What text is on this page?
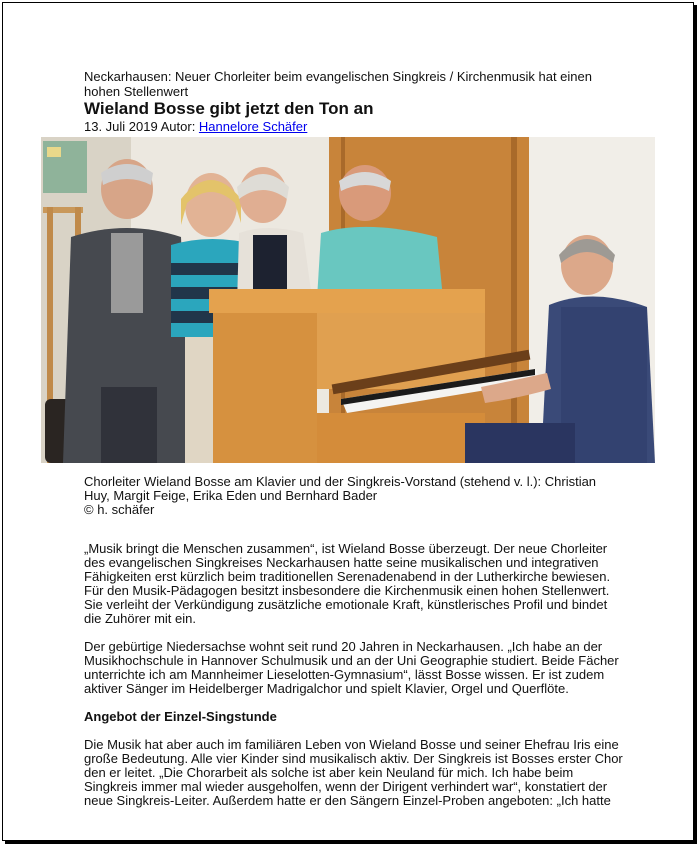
Neckarhausen: Neuer Chorleiter beim evangelischen Singkreis / Kirchenmusik hat einen hohen Stellenwert

Wieland Bosse gibt jetzt den Ton an

13. Juli 2019 Autor: Hannelore Schäfer

Chorleiter Wieland Bosse am Klavier und der Singkreis-Vorstand (stehend v. l.): Christian Huy, Margit Feige, Erika Eden und Bernhard Bader

© h. schäfer

„Musik bringt die Menschen zusammen“, ist Wieland Bosse überzeugt. Der neue Chorleiter des evangelischen Singkreises Neckarhausen hatte seine musikalischen und integrativen Fähigkeiten erst kürzlich beim traditionellen Serenadenabend in der Lutherkirche bewiesen. Für den Musik-Pädagogen besitzt insbesondere die Kirchenmusik einen hohen Stellenwert. Sie verleiht der Verkündigung zusätzliche emotionale Kraft, künstlerisches Profil und bindet die Zuhörer mit ein.

Der gebürtige Niedersachse wohnt seit rund 20 Jahren in Neckarhausen. „Ich habe an der Musikhochschule in Hannover Schulmusik und an der Uni Geographie studiert. Beide Fächer unterrichte ich am Mannheimer Lieselotten-Gymnasium“, lässt Bosse wissen. Er ist zudem aktiver Sänger im Heidelberger Madrigalchor und spielt Klavier, Orgel und Querflöte.

Angebot der Einzel-Singstunde

Die Musik hat aber auch im familiären Leben von Wieland Bosse und seiner Ehefrau Iris eine große Bedeutung. Alle vier Kinder sind musikalisch aktiv. Der Singkreis ist Bosses erster Chor den er leitet. „Die Chorarbeit als solche ist aber kein Neuland für mich. Ich habe beim Singkreis immer mal wieder ausgeholfen, wenn der Dirigent verhindert war“, konstatiert der neue Singkreis-Leiter. Außerdem hatte er den Sängern Einzel-Proben angeboten: „Ich hatte
